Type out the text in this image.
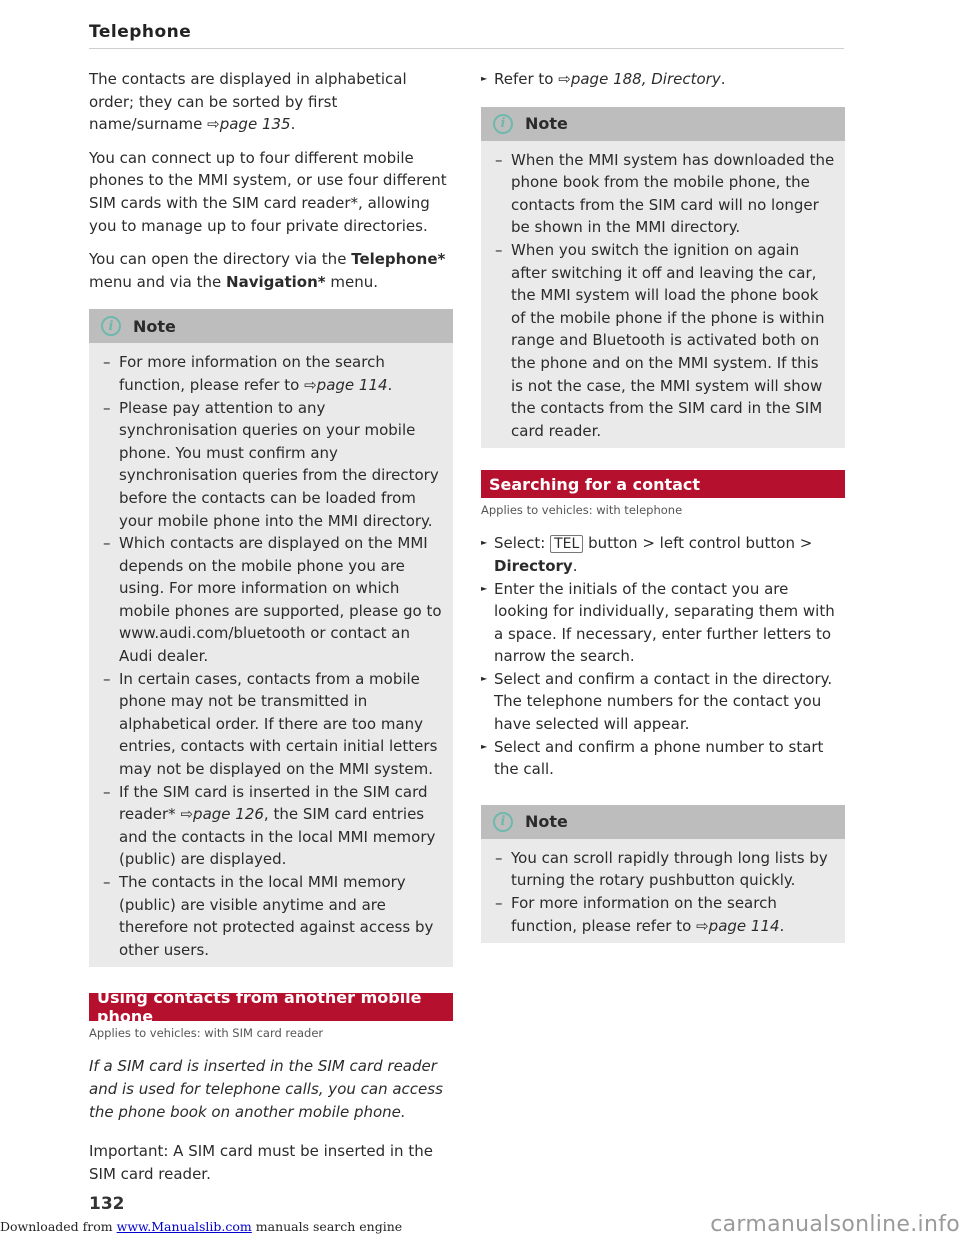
Telephone

The contacts are displayed in alphabetical order; they can be sorted by first name/surname ⇨page 135.

You can connect up to four different mobile phones to the MMI system, or use four different SIM cards with the SIM card reader*, allowing you to manage up to four private directories.

You can open the directory via the Telephone* menu and via the Navigation* menu.

i	Note
– For more information on the search function, please refer to ⇨page 114.
– Please pay attention to any synchronisation queries on your mobile phone. You must confirm any synchronisation queries from the directory before the contacts can be loaded from your mobile phone into the MMI directory.
– Which contacts are displayed on the MMI depends on the mobile phone you are using. For more information on which mobile phones are supported, please go to www.audi.com/bluetooth or contact an Audi dealer.
– In certain cases, contacts from a mobile phone may not be transmitted in alphabetical order. If there are too many entries, contacts with certain initial letters may not be displayed on the MMI system.
– If the SIM card is inserted in the SIM card reader* ⇨page 126, the SIM card entries and the contacts in the local MMI memory (public) are displayed.
– The contacts in the local MMI memory (public) are visible anytime and are therefore not protected against access by other users.
Using contacts from another mobile phone
Applies to vehicles: with SIM card reader

If a SIM card is inserted in the SIM card reader and is used for telephone calls, you can access the phone book on another mobile phone.

Important: A SIM card must be inserted in the SIM card reader.

► Refer to ⇨page 188, Directory.
i	Note
– When the MMI system has downloaded the phone book from the mobile phone, the contacts from the SIM card will no longer be shown in the MMI directory.
– When you switch the ignition on again after switching it off and leaving the car, the MMI system will load the phone book of the mobile phone if the phone is within range and Bluetooth is activated both on the phone and on the MMI system. If this is not the case, the MMI system will show the contacts from the SIM card in the SIM card reader.
Searching for a contact
Applies to vehicles: with telephone
► Select: TEL button > left control button > Directory.
► Enter the initials of the contact you are looking for individually, separating them with a space. If necessary, enter further letters to narrow the search.
► Select and confirm a contact in the directory. The telephone numbers for the contact you have selected will appear.
► Select and confirm a phone number to start the call.
i	Note
– You can scroll rapidly through long lists by turning the rotary pushbutton quickly.
– For more information on the search function, please refer to ⇨page 114.
132
Downloaded from www.Manualslib.com manuals search engine	carmanualsonline.info
